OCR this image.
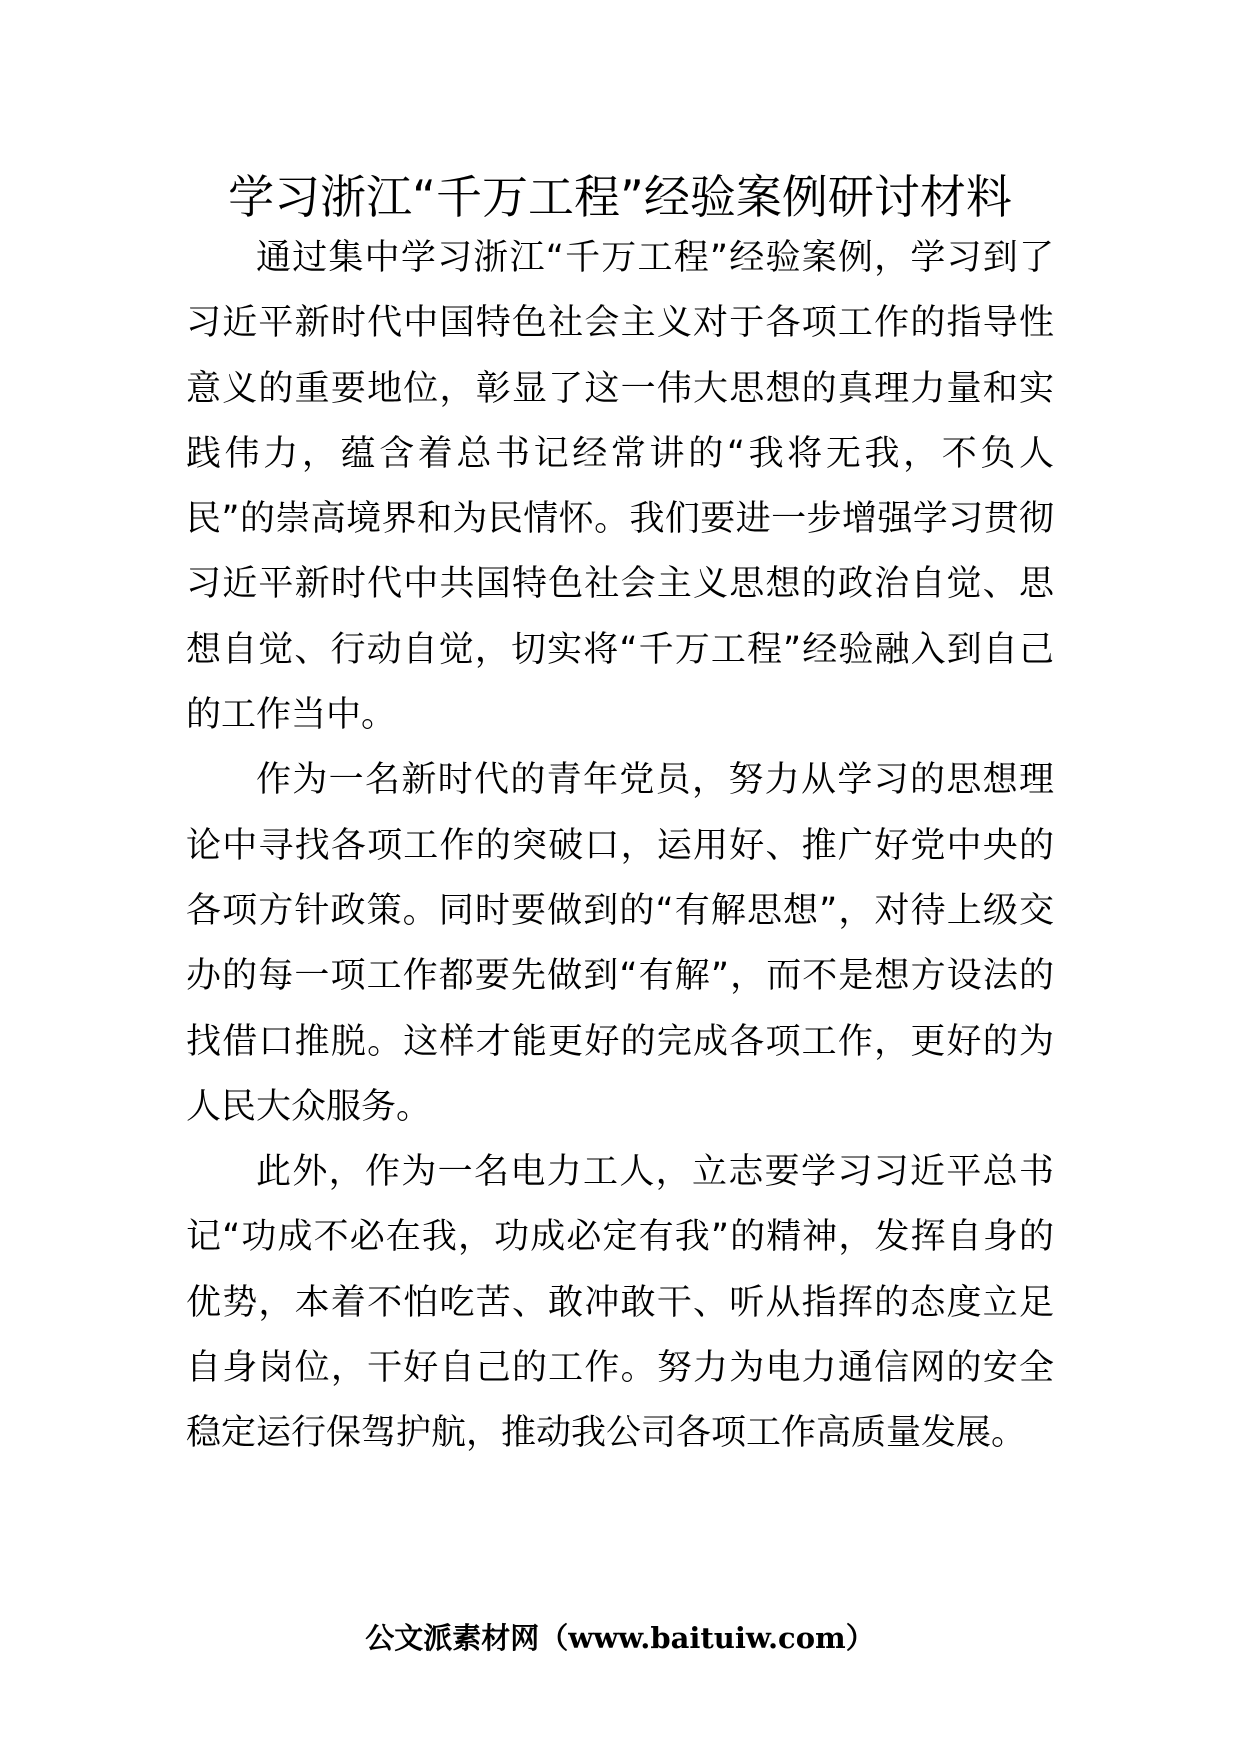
学习浙江“千万工程”经验案例研讨材料

通过集中学习浙江“千万工程”经验案例，学习到了习近平新时代中国特色社会主义对于各项工作的指导性意义的重要地位，彰显了这一伟大思想的真理力量和实践伟力，蕴含着总书记经常讲的“我将无我，不负人民”的崇高境界和为民情怀。我们要进一步增强学习贯彻习近平新时代中共国特色社会主义思想的政治自觉、思想自觉、行动自觉，切实将“千万工程”经验融入到自己的工作当中。

作为一名新时代的青年党员，努力从学习的思想理论中寻找各项工作的突破口，运用好、推广好党中央的各项方针政策。同时要做到的“有解思想”，对待上级交办的每一项工作都要先做到“有解”，而不是想方设法的找借口推脱。这样才能更好的完成各项工作，更好的为人民大众服务。

此外，作为一名电力工人，立志要学习习近平总书记“功成不必在我，功成必定有我”的精神，发挥自身的优势，本着不怕吃苦、敢冲敢干、听从指挥的态度立足自身岗位，干好自己的工作。努力为电力通信网的安全稳定运行保驾护航，推动我公司各项工作高质量发展。

公文派素材网（www.baituiw.com）
